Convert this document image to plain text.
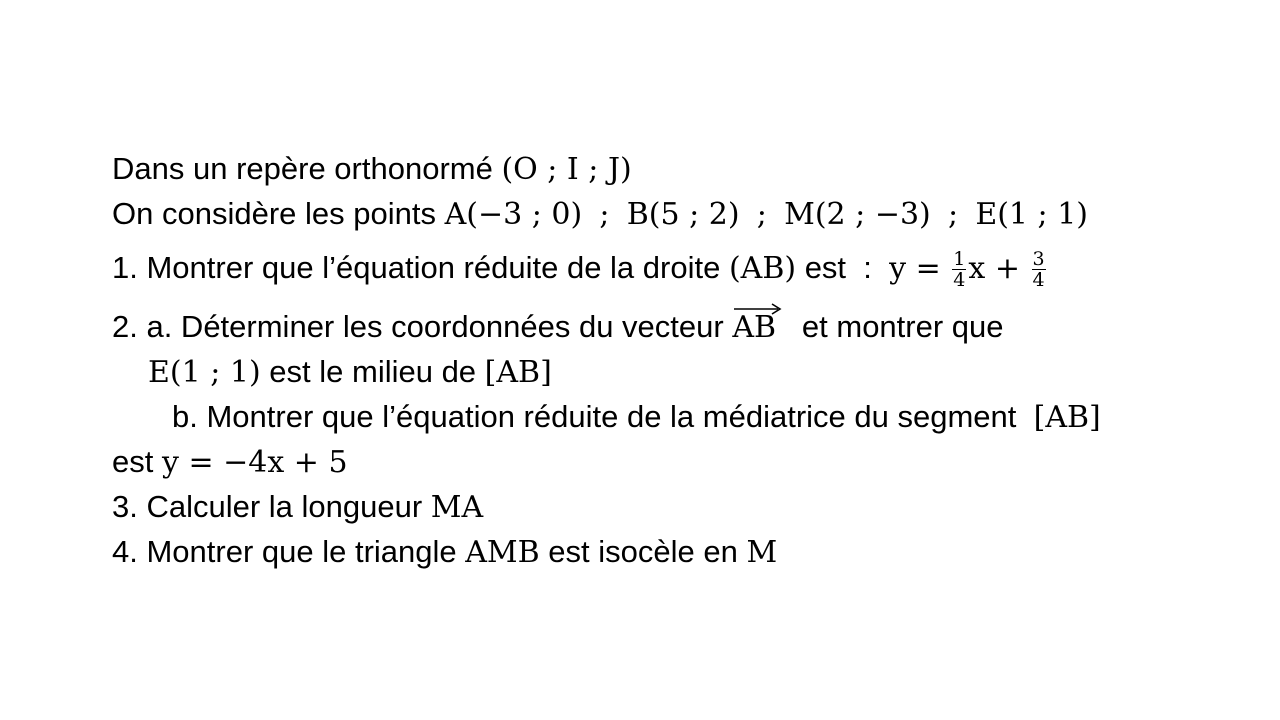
Dans un repère orthonormé (O ; I ; J)
On considère les points A(−3 ; 0) ; B(5 ; 2) ; M(2 ; −3) ; E(1 ; 1)
1. Montrer que l’équation réduite de la droite (AB) est  :  $y = \frac{1}{4}$ $x + \frac{3}{4}$
2. a. Déterminer les coordonnées du vecteur
AB   et montrer que
E(1 ; 1) est le milieu de [AB]
b. Montrer que l’équation réduite de la médiatrice du segment  [AB]
est y = −4x + 5
3. Calculer la longueur MA
4. Montrer que le triangle AMB est isocèle en M
